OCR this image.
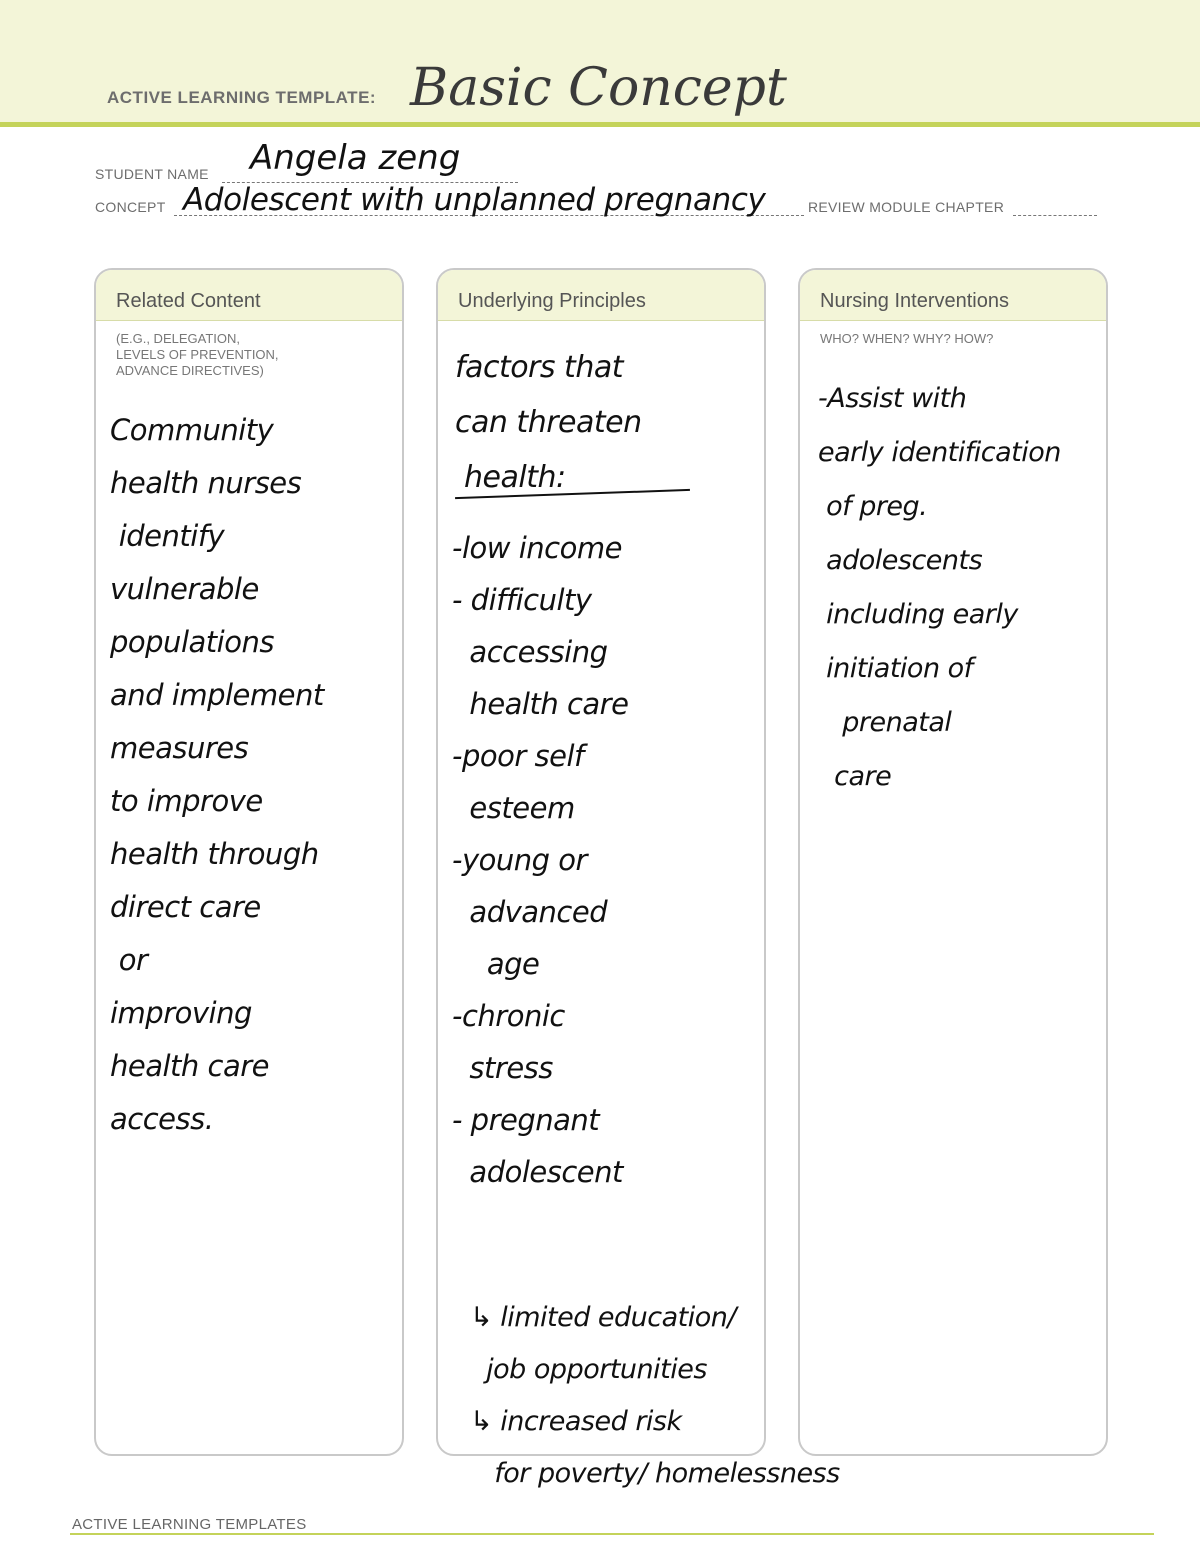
ACTIVE LEARNING TEMPLATE: Basic Concept
STUDENT NAME Angela zeng
CONCEPT Adolescent with unplanned pregnancy	REVIEW MODULE CHAPTER
Related Content
(E.G., DELEGATION,
LEVELS OF PREVENTION,
ADVANCE DIRECTIVES)
Community
health nurses
identify
vulnerable
populations
and implement
measures
to improve
health through
direct care
or
improving
health care
access.
Underlying Principles
factors that
can threaten
health:
-low income
- difficulty
accessing
health care
-poor self
esteem
-young or
advanced
age
-chronic
stress
- pregnant
adolescent
↳ limited education/
job opportunities
↳ increased risk
for poverty/ homelessness
Nursing Interventions
WHO? WHEN? WHY? HOW?
-Assist with
early identification
of preg.
adolescents
including early
initiation of
prenatal
care
ACTIVE LEARNING TEMPLATES
